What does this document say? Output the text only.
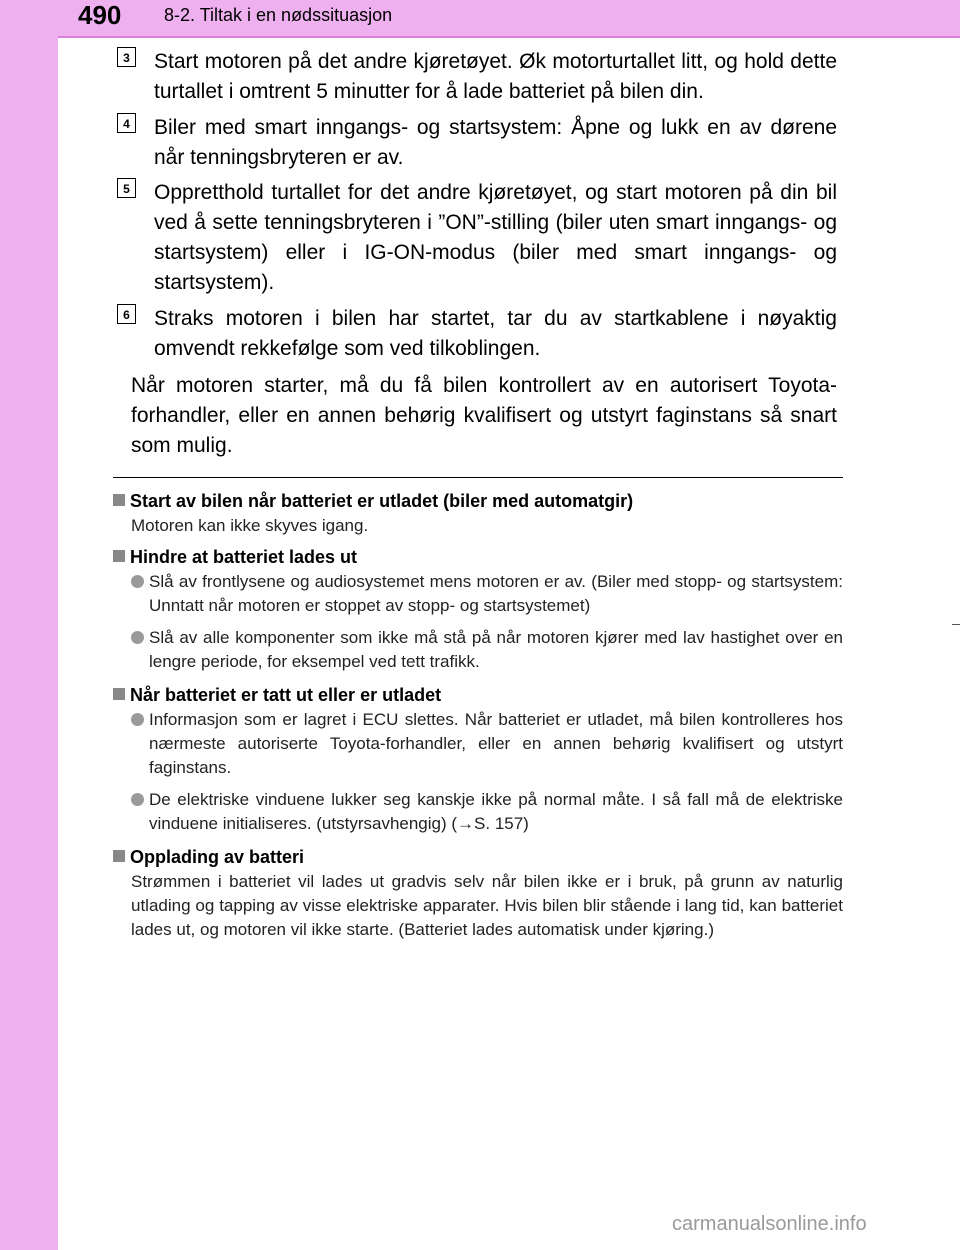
490 8-2. Tiltak i en nødssituasjon
3 Start motoren på det andre kjøretøyet. Øk motorturtallet litt, og hold dette turtallet i omtrent 5 minutter for å lade batteriet på bilen din.
4 Biler med smart inngangs- og startsystem: Åpne og lukk en av dørene når tenningsbryteren er av.
5 Oppretthold turtallet for det andre kjøretøyet, og start motoren på din bil ved å sette tenningsbryteren i ”ON”-stilling (biler uten smart inngangs- og startsystem) eller i IG-ON-modus (biler med smart inngangs- og startsystem).
6 Straks motoren i bilen har startet, tar du av startkablene i nøyaktig omvendt rekkefølge som ved tilkoblingen.
Når motoren starter, må du få bilen kontrollert av en autorisert Toyota-forhandler, eller en annen behørig kvalifisert og utstyrt faginstans så snart som mulig.
Start av bilen når batteriet er utladet (biler med automatgir)
Motoren kan ikke skyves igang.
Hindre at batteriet lades ut
Slå av frontlysene og audiosystemet mens motoren er av. (Biler med stopp- og startsystem: Unntatt når motoren er stoppet av stopp- og startsystemet)
Slå av alle komponenter som ikke må stå på når motoren kjører med lav hastighet over en lengre periode, for eksempel ved tett trafikk.
Når batteriet er tatt ut eller er utladet
Informasjon som er lagret i ECU slettes. Når batteriet er utladet, må bilen kontrolleres hos nærmeste autoriserte Toyota-forhandler, eller en annen behørig kvalifisert og utstyrt faginstans.
De elektriske vinduene lukker seg kanskje ikke på normal måte. I så fall må de elektriske vinduene initialiseres. (utstyrsavhengig) (→S. 157)
Opplading av batteri
Strømmen i batteriet vil lades ut gradvis selv når bilen ikke er i bruk, på grunn av naturlig utlading og tapping av visse elektriske apparater. Hvis bilen blir stående i lang tid, kan batteriet lades ut, og motoren vil ikke starte. (Batteriet lades automatisk under kjøring.)
carmanualsonline.info
